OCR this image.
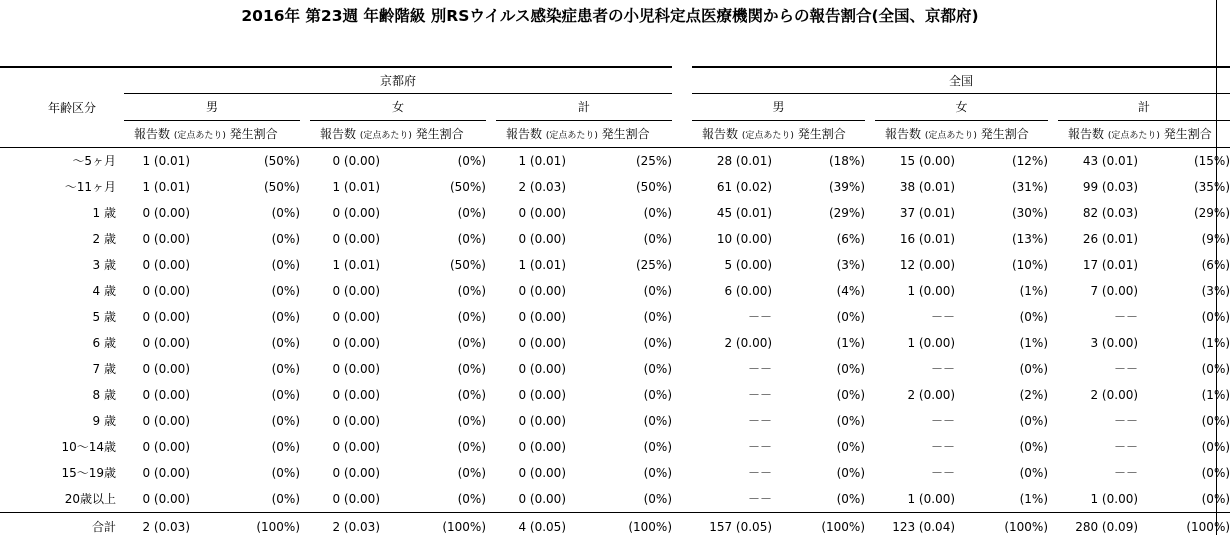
2016年 第23週 年齢階級 別RSウイルス感染症患者の小児科定点医療機関からの報告割合(全国、京都府)
年齢区分	京都府									全国							
	男			女			計			男			女			計	
	報告数 (定点あたり) 発生割合			報告数 (定点あたり) 発生割合			報告数 (定点あたり) 発生割合			報告数 (定点あたり) 発生割合			報告数 (定点あたり) 発生割合			報告数 (定点あたり) 発生割合	
～5ヶ月	1 (0.01)	(50%)		0 (0.00)	(0%)		1 (0.01)	(25%)		28 (0.01)	(18%)		15 (0.00)	(12%)		43 (0.01)	(15%)
～11ヶ月	1 (0.01)	(50%)		1 (0.01)	(50%)		2 (0.03)	(50%)		61 (0.02)	(39%)		38 (0.01)	(31%)		99 (0.03)	(35%)
1 歳	0 (0.00)	(0%)		0 (0.00)	(0%)		0 (0.00)	(0%)		45 (0.01)	(29%)		37 (0.01)	(30%)		82 (0.03)	(29%)
2 歳	0 (0.00)	(0%)		0 (0.00)	(0%)		0 (0.00)	(0%)		10 (0.00)	(6%)		16 (0.01)	(13%)		26 (0.01)	(9%)
3 歳	0 (0.00)	(0%)		1 (0.01)	(50%)		1 (0.01)	(25%)		5 (0.00)	(3%)		12 (0.00)	(10%)		17 (0.01)	(6%)
4 歳	0 (0.00)	(0%)		0 (0.00)	(0%)		0 (0.00)	(0%)		6 (0.00)	(4%)		1 (0.00)	(1%)		7 (0.00)	(3%)
5 歳	0 (0.00)	(0%)		0 (0.00)	(0%)		0 (0.00)	(0%)		－－	(0%)		－－	(0%)		－－	(0%)
6 歳	0 (0.00)	(0%)		0 (0.00)	(0%)		0 (0.00)	(0%)		2 (0.00)	(1%)		1 (0.00)	(1%)		3 (0.00)	(1%)
7 歳	0 (0.00)	(0%)		0 (0.00)	(0%)		0 (0.00)	(0%)		－－	(0%)		－－	(0%)		－－	(0%)
8 歳	0 (0.00)	(0%)		0 (0.00)	(0%)		0 (0.00)	(0%)		－－	(0%)		2 (0.00)	(2%)		2 (0.00)	(1%)
9 歳	0 (0.00)	(0%)		0 (0.00)	(0%)		0 (0.00)	(0%)		－－	(0%)		－－	(0%)		－－	(0%)
10～14歳	0 (0.00)	(0%)		0 (0.00)	(0%)		0 (0.00)	(0%)		－－	(0%)		－－	(0%)		－－	(0%)
15～19歳	0 (0.00)	(0%)		0 (0.00)	(0%)		0 (0.00)	(0%)		－－	(0%)		－－	(0%)		－－	(0%)
20歳以上	0 (0.00)	(0%)		0 (0.00)	(0%)		0 (0.00)	(0%)		－－	(0%)		1 (0.00)	(1%)		1 (0.00)	(0%)
合計	2 (0.03)	(100%)		2 (0.03)	(100%)		4 (0.05)	(100%)		157 (0.05)	(100%)		123 (0.04)	(100%)		280 (0.09)	(100%)
